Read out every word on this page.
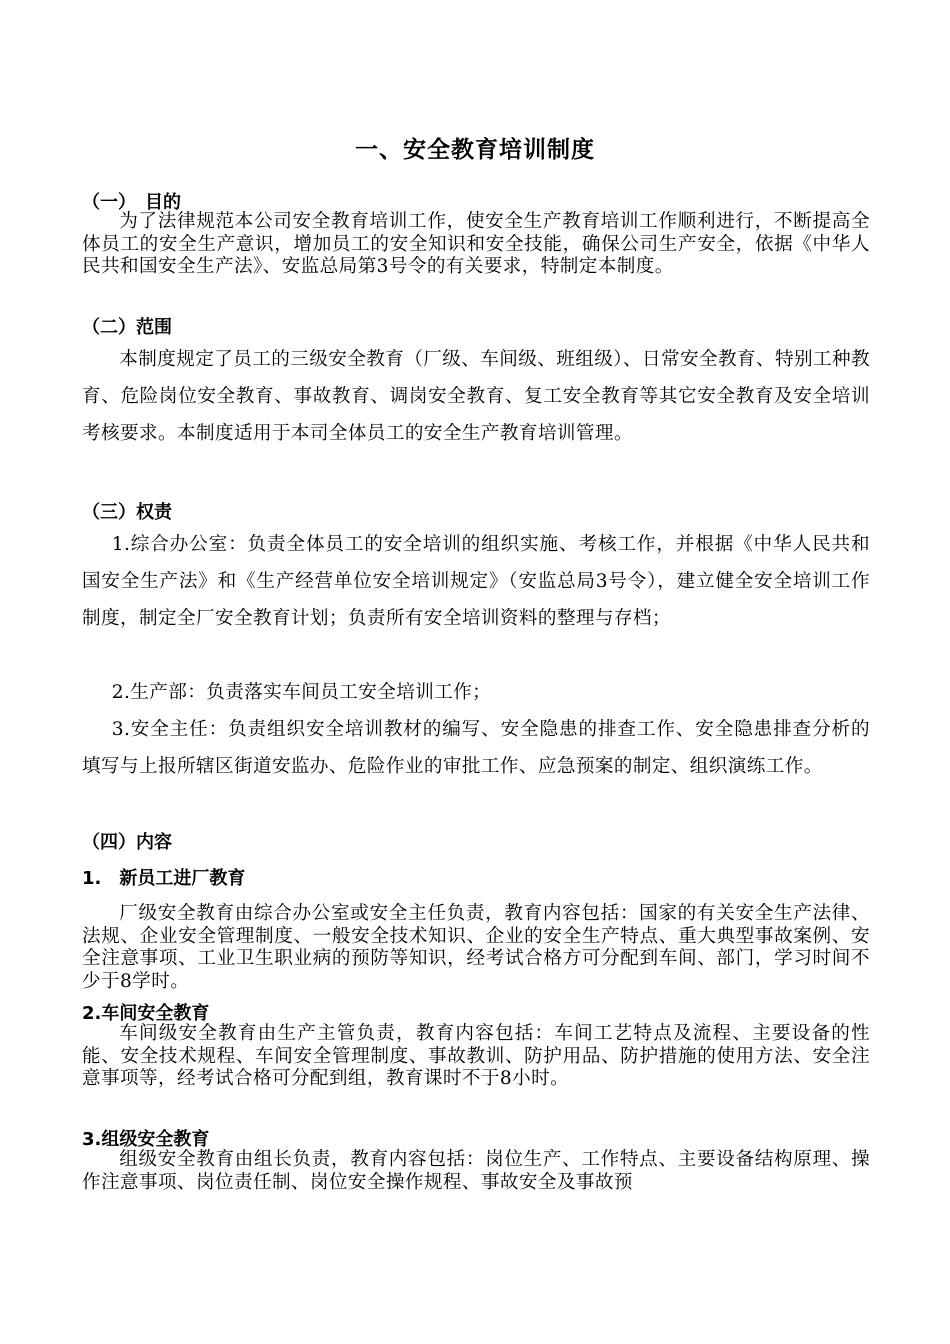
一、安全教育培训制度
（一）　目的
为了法律规范本公司安全教育培训工作，使安全生产教育培训工作顺利进行，不断提高全体员工的安全生产意识，增加员工的安全知识和安全技能，确保公司生产安全，依据《中华人民共和国安全生产法》、安监总局第3号令的有关要求，特制定本制度。
（二）范围
本制度规定了员工的三级安全教育（厂级、车间级、班组级）、日常安全教育、特别工种教育、危险岗位安全教育、事故教育、调岗安全教育、复工安全教育等其它安全教育及安全培训考核要求。本制度适用于本司全体员工的安全生产教育培训管理。
（三）权责
1.综合办公室：负责全体员工的安全培训的组织实施、考核工作，并根据《中华人民共和国安全生产法》和《生产经营单位安全培训规定》（安监总局3号令），建立健全安全培训工作制度，制定全厂安全教育计划；负责所有安全培训资料的整理与存档；
2.生产部：负责落实车间员工安全培训工作；
3.安全主任：负责组织安全培训教材的编写、安全隐患的排查工作、安全隐患排查分析的填写与上报所辖区街道安监办、危险作业的审批工作、应急预案的制定、组织演练工作。
（四）内容
1.　新员工进厂教育
厂级安全教育由综合办公室或安全主任负责，教育内容包括：国家的有关安全生产法律、法规、企业安全管理制度、一般安全技术知识、企业的安全生产特点、重大典型事故案例、安全注意事项、工业卫生职业病的预防等知识，经考试合格方可分配到车间、部门，学习时间不少于8学时。
2.车间安全教育
车间级安全教育由生产主管负责，教育内容包括：车间工艺特点及流程、主要设备的性能、安全技术规程、车间安全管理制度、事故教训、防护用品、防护措施的使用方法、安全注意事项等，经考试合格可分配到组，教育课时不于8小时。
3.组级安全教育
组级安全教育由组长负责，教育内容包括：岗位生产、工作特点、主要设备结构原理、操作注意事项、岗位责任制、岗位安全操作规程、事故安全及事故预
